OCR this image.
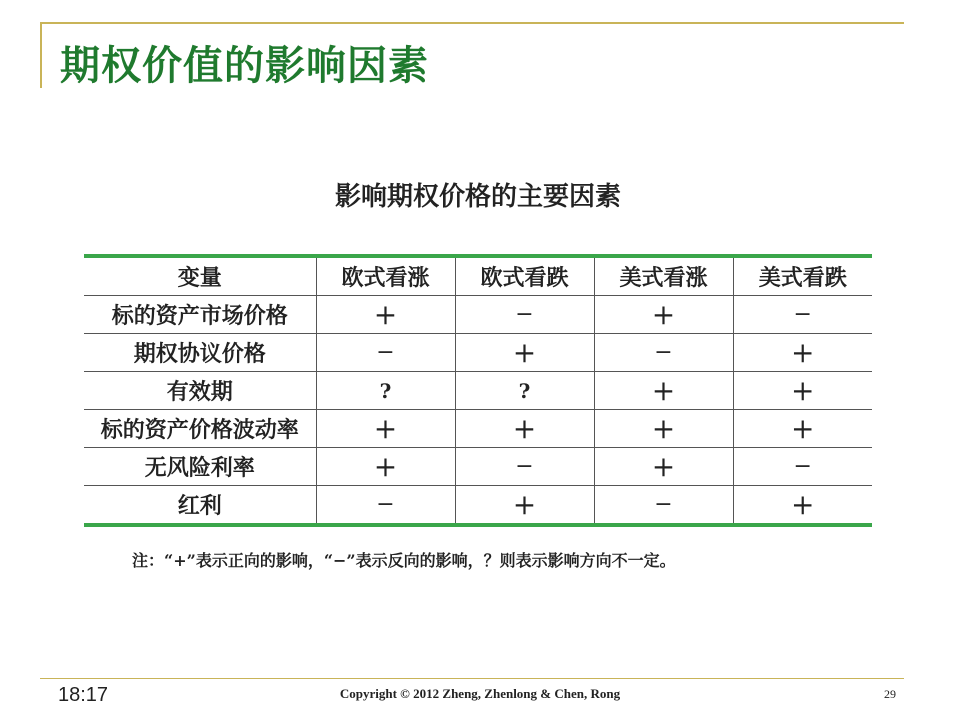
期权价值的影响因素
影响期权价格的主要因素
变量	欧式看涨	欧式看跌	美式看涨	美式看跌
标的资产市场价格	+	−	+	−
期权协议价格	−	+	−	+
有效期	?	?	+	+
标的资产价格波动率	+	+	+	+
无风险利率	+	−	+	−
红利	−	+	−	+
注：“+”表示正向的影响，“−”表示反向的影响，？则表示影响方向不一定。
18:17	Copyright © 2012 Zheng, Zhenlong & Chen, Rong	29
